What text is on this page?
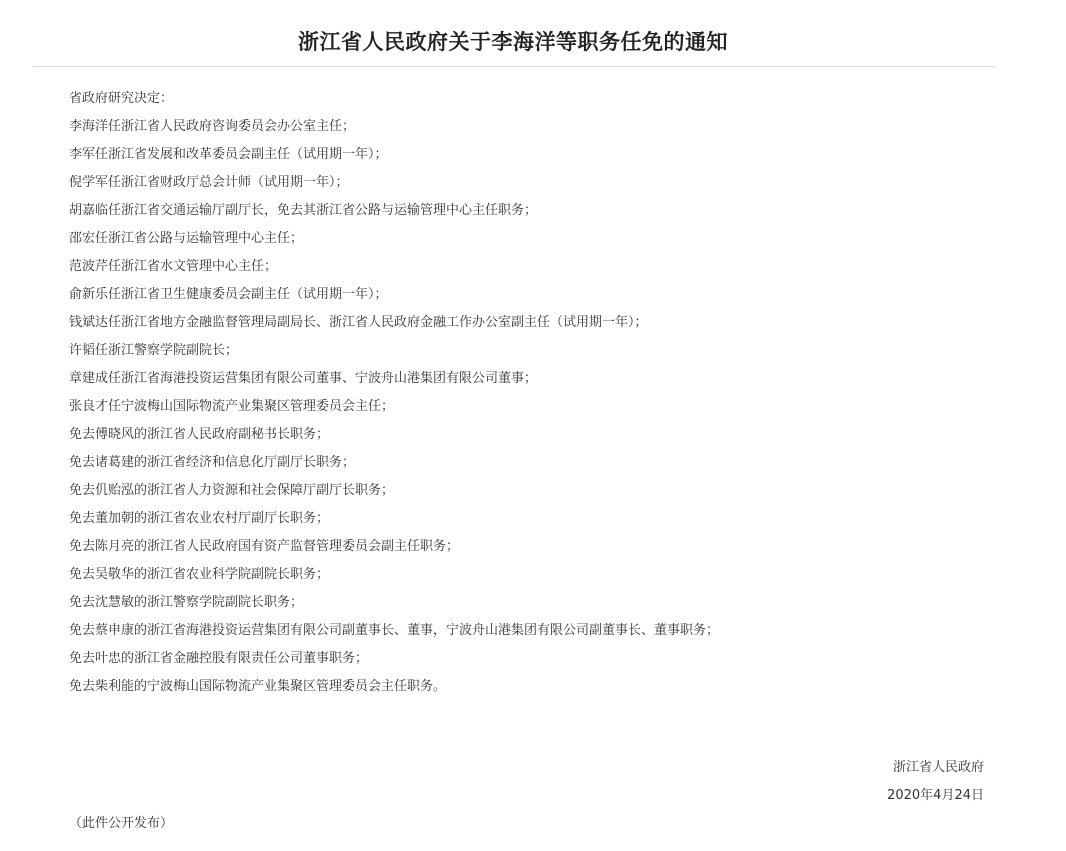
浙江省人民政府关于李海洋等职务任免的通知
省政府研究决定：
李海洋任浙江省人民政府咨询委员会办公室主任；
李军任浙江省发展和改革委员会副主任（试用期一年）；
倪学军任浙江省财政厅总会计师（试用期一年）；
胡嘉临任浙江省交通运输厅副厅长，免去其浙江省公路与运输管理中心主任职务；
邵宏任浙江省公路与运输管理中心主任；
范波芹任浙江省水文管理中心主任；
俞新乐任浙江省卫生健康委员会副主任（试用期一年）；
钱斌达任浙江省地方金融监督管理局副局长、浙江省人民政府金融工作办公室副主任（试用期一年）；
许韬任浙江警察学院副院长；
章建成任浙江省海港投资运营集团有限公司董事、宁波舟山港集团有限公司董事；
张良才任宁波梅山国际物流产业集聚区管理委员会主任；
免去傅晓风的浙江省人民政府副秘书长职务；
免去诸葛建的浙江省经济和信息化厅副厅长职务；
免去仉贻泓的浙江省人力资源和社会保障厅副厅长职务；
免去董加朝的浙江省农业农村厅副厅长职务；
免去陈月亮的浙江省人民政府国有资产监督管理委员会副主任职务；
免去吴敬华的浙江省农业科学院副院长职务；
免去沈慧敏的浙江警察学院副院长职务；
免去蔡申康的浙江省海港投资运营集团有限公司副董事长、董事，宁波舟山港集团有限公司副董事长、董事职务；
免去叶忠的浙江省金融控股有限责任公司董事职务；
免去柴利能的宁波梅山国际物流产业集聚区管理委员会主任职务。
浙江省人民政府
2020年4月24日
（此件公开发布）
